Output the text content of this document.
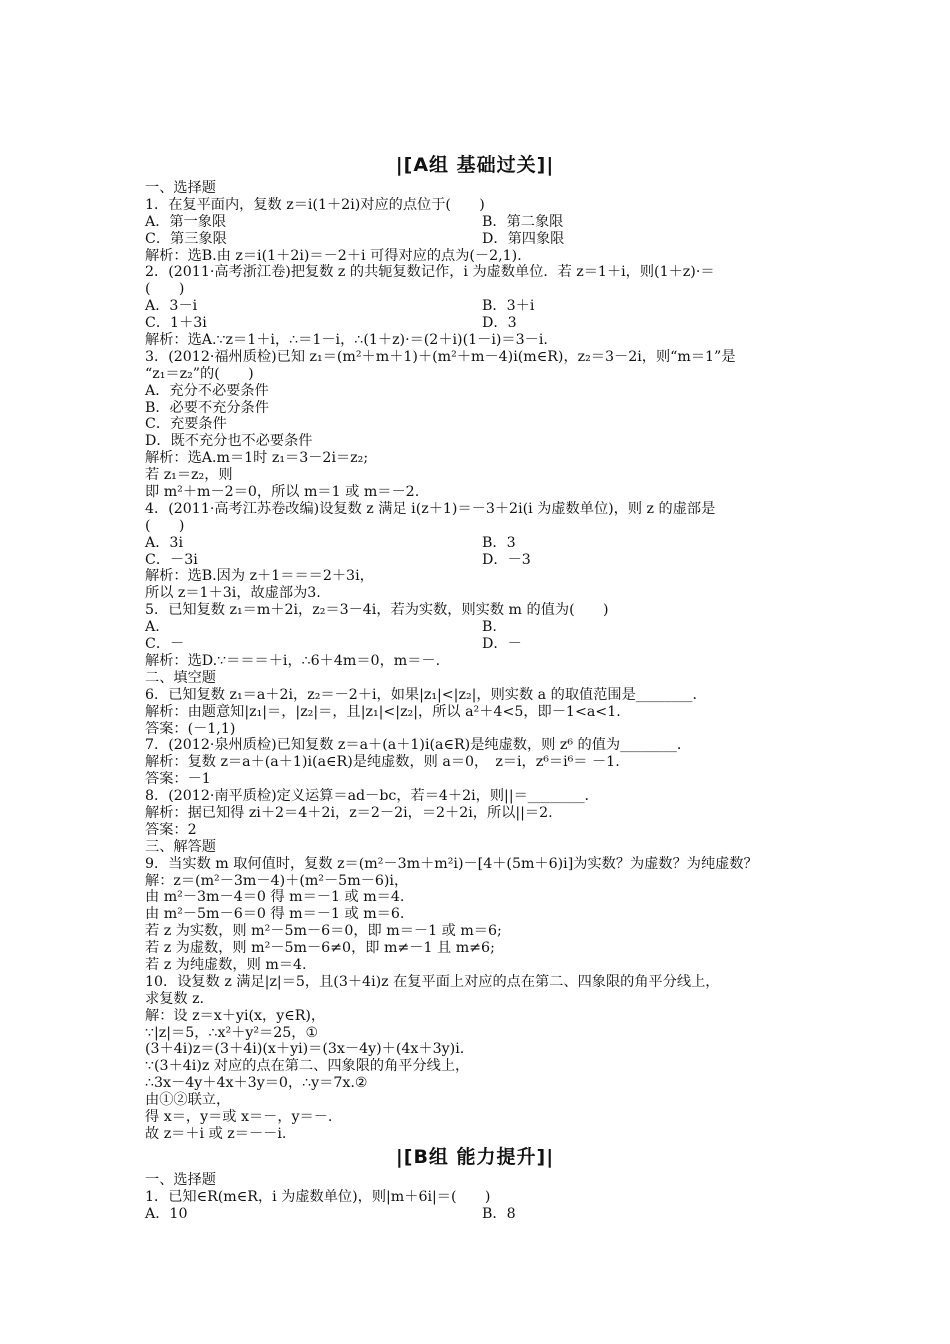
|[A组 基础过关]|
一、选择题
1．在复平面内，复数 z＝i(1＋2i)对应的点位于(　　)
A．第一象限	B．第二象限
C．第三象限	D．第四象限
解析：选B.由 z＝i(1＋2i)＝－2＋i 可得对应的点为(－2,1)．
2．(2011·高考浙江卷)把复数 z 的共轭复数记作，i 为虚数单位．若 z＝1＋i，则(1＋z)·＝
(　　)
A．3－i	B．3＋i
C．1＋3i	D．3
解析：选A.∵z＝1＋i，∴＝1－i，∴(1＋z)·＝(2＋i)(1－i)＝3－i.
3．(2012·福州质检)已知 z₁＝(m²＋m＋1)＋(m²＋m－4)i(m∈R)，z₂＝3－2i，则“m＝1”是
“z₁＝z₂”的(　　)
A．充分不必要条件
B．必要不充分条件
C．充要条件
D．既不充分也不必要条件
解析：选A.m＝1时 z₁＝3－2i＝z₂;
若 z₁＝z₂，则
即 m²＋m－2＝0，所以 m＝1 或 m＝－2.
4．(2011·高考江苏卷改编)设复数 z 满足 i(z＋1)＝－3＋2i(i 为虚数单位)，则 z 的虚部是
(　　)
A．3i	B．3
C．－3i	D．－3
解析：选B.因为 z＋1＝＝＝2＋3i，
所以 z＝1＋3i，故虚部为3.
5．已知复数 z₁＝m＋2i，z₂＝3－4i，若为实数，则实数 m 的值为(　　)
A.	B.
C．－	D．－
解析：选D.∵＝＝＝＋i，∴6＋4m＝0，m＝－.
二、填空题
6．已知复数 z₁＝a＋2i，z₂＝－2＋i，如果|z₁|<|z₂|，则实数 a 的取值范围是________．
解析：由题意知|z₁|＝，|z₂|＝，且|z₁|<|z₂|，所以 a²＋4<5，即－1<a<1.
答案：(－1,1)
7．(2012·泉州质检)已知复数 z＝a＋(a＋1)i(a∈R)是纯虚数，则 z⁶ 的值为________．
解析：复数 z＝a＋(a＋1)i(a∈R)是纯虚数，则 a＝0，　z＝i，z⁶＝i⁶＝ －1.
答案：－1
8．(2012·南平质检)定义运算＝ad－bc，若＝4＋2i，则||＝________．
解析：据已知得 zi＋2＝4＋2i，z＝2－2i，＝2＋2i，所以||＝2.
答案：2
三、解答题
9．当实数 m 取何值时，复数 z＝(m²－3m＋m²i)－[4＋(5m＋6)i]为实数？为虚数？为纯虚数？
解：z＝(m²－3m－4)＋(m²－5m－6)i，
由 m²－3m－4＝0 得 m＝－1 或 m＝4.
由 m²－5m－6＝0 得 m＝－1 或 m＝6.
若 z 为实数，则 m²－5m－6＝0，即 m＝－1 或 m＝6;
若 z 为虚数，则 m²－5m－6≠0，即 m≠－1 且 m≠6;
若 z 为纯虚数，则 m＝4.
10．设复数 z 满足|z|＝5，且(3＋4i)z 在复平面上对应的点在第二、四象限的角平分线上，
求复数 z.
解：设 z＝x＋yi(x，y∈R)，
∵|z|＝5，∴x²＋y²＝25，①
(3＋4i)z＝(3＋4i)(x＋yi)＝(3x－4y)＋(4x＋3y)i.
∵(3＋4i)z 对应的点在第二、四象限的角平分线上，
∴3x－4y＋4x＋3y＝0，∴y＝7x.②
由①②联立，
得 x＝，y＝或 x＝－，y＝－.
故 z＝＋i 或 z＝－－i.
|[B组 能力提升]|
一、选择题
1．已知∈R(m∈R，i 为虚数单位)，则|m＋6i|＝(　　)
A．10	B．8
